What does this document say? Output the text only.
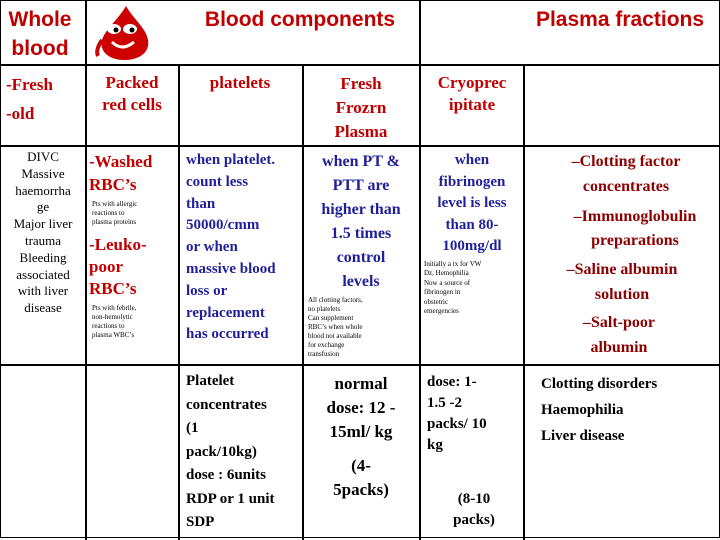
Whole
blood
Blood components	Plasma fractions
-Fresh
-old
Packed
red cells
platelets	Fresh
Frozrn
Plasma
Cryoprec
ipitate
DIVC
Massive
haemorrha
ge
Major liver
trauma
Bleeding
associated
with liver
disease
-Washed
RBC’s
Pts with allergic
reactions to
plasma proteins
-Leuko-
poor
RBC’s
Pts with febrile,
non-hemolytic
reactions to
plasma WBC’s
when platelet.
count less
than
50000/cmm
or when
massive blood
loss or
replacement
has occurred
when PT &
PTT are
higher than
1.5 times
control
levels
All clotting factors,
no platelets
Can supplement
RBC’s when whole
blood not available
for exchange
transfusion
when
fibrinogen
level is less
than 80-
100mg/dl
Initially a tx for VW
Dz, Hemophilia
Now a source of
fibrinogen in
obstetric
emergencies
–Clotting factor concentrates
–Immunoglobulin preparations
–Saline albumin solution
–Salt-poor albumin
Platelet
concentrates
(1
pack/10kg)
dose : 6units
RDP or 1 unit
SDP
normal
dose: 12 -
15ml/ kg
(4-
5packs)
dose: 1-
1.5 -2
packs/ 10
kg
(8-10
packs)
Clotting disorders
Haemophilia
Liver disease
